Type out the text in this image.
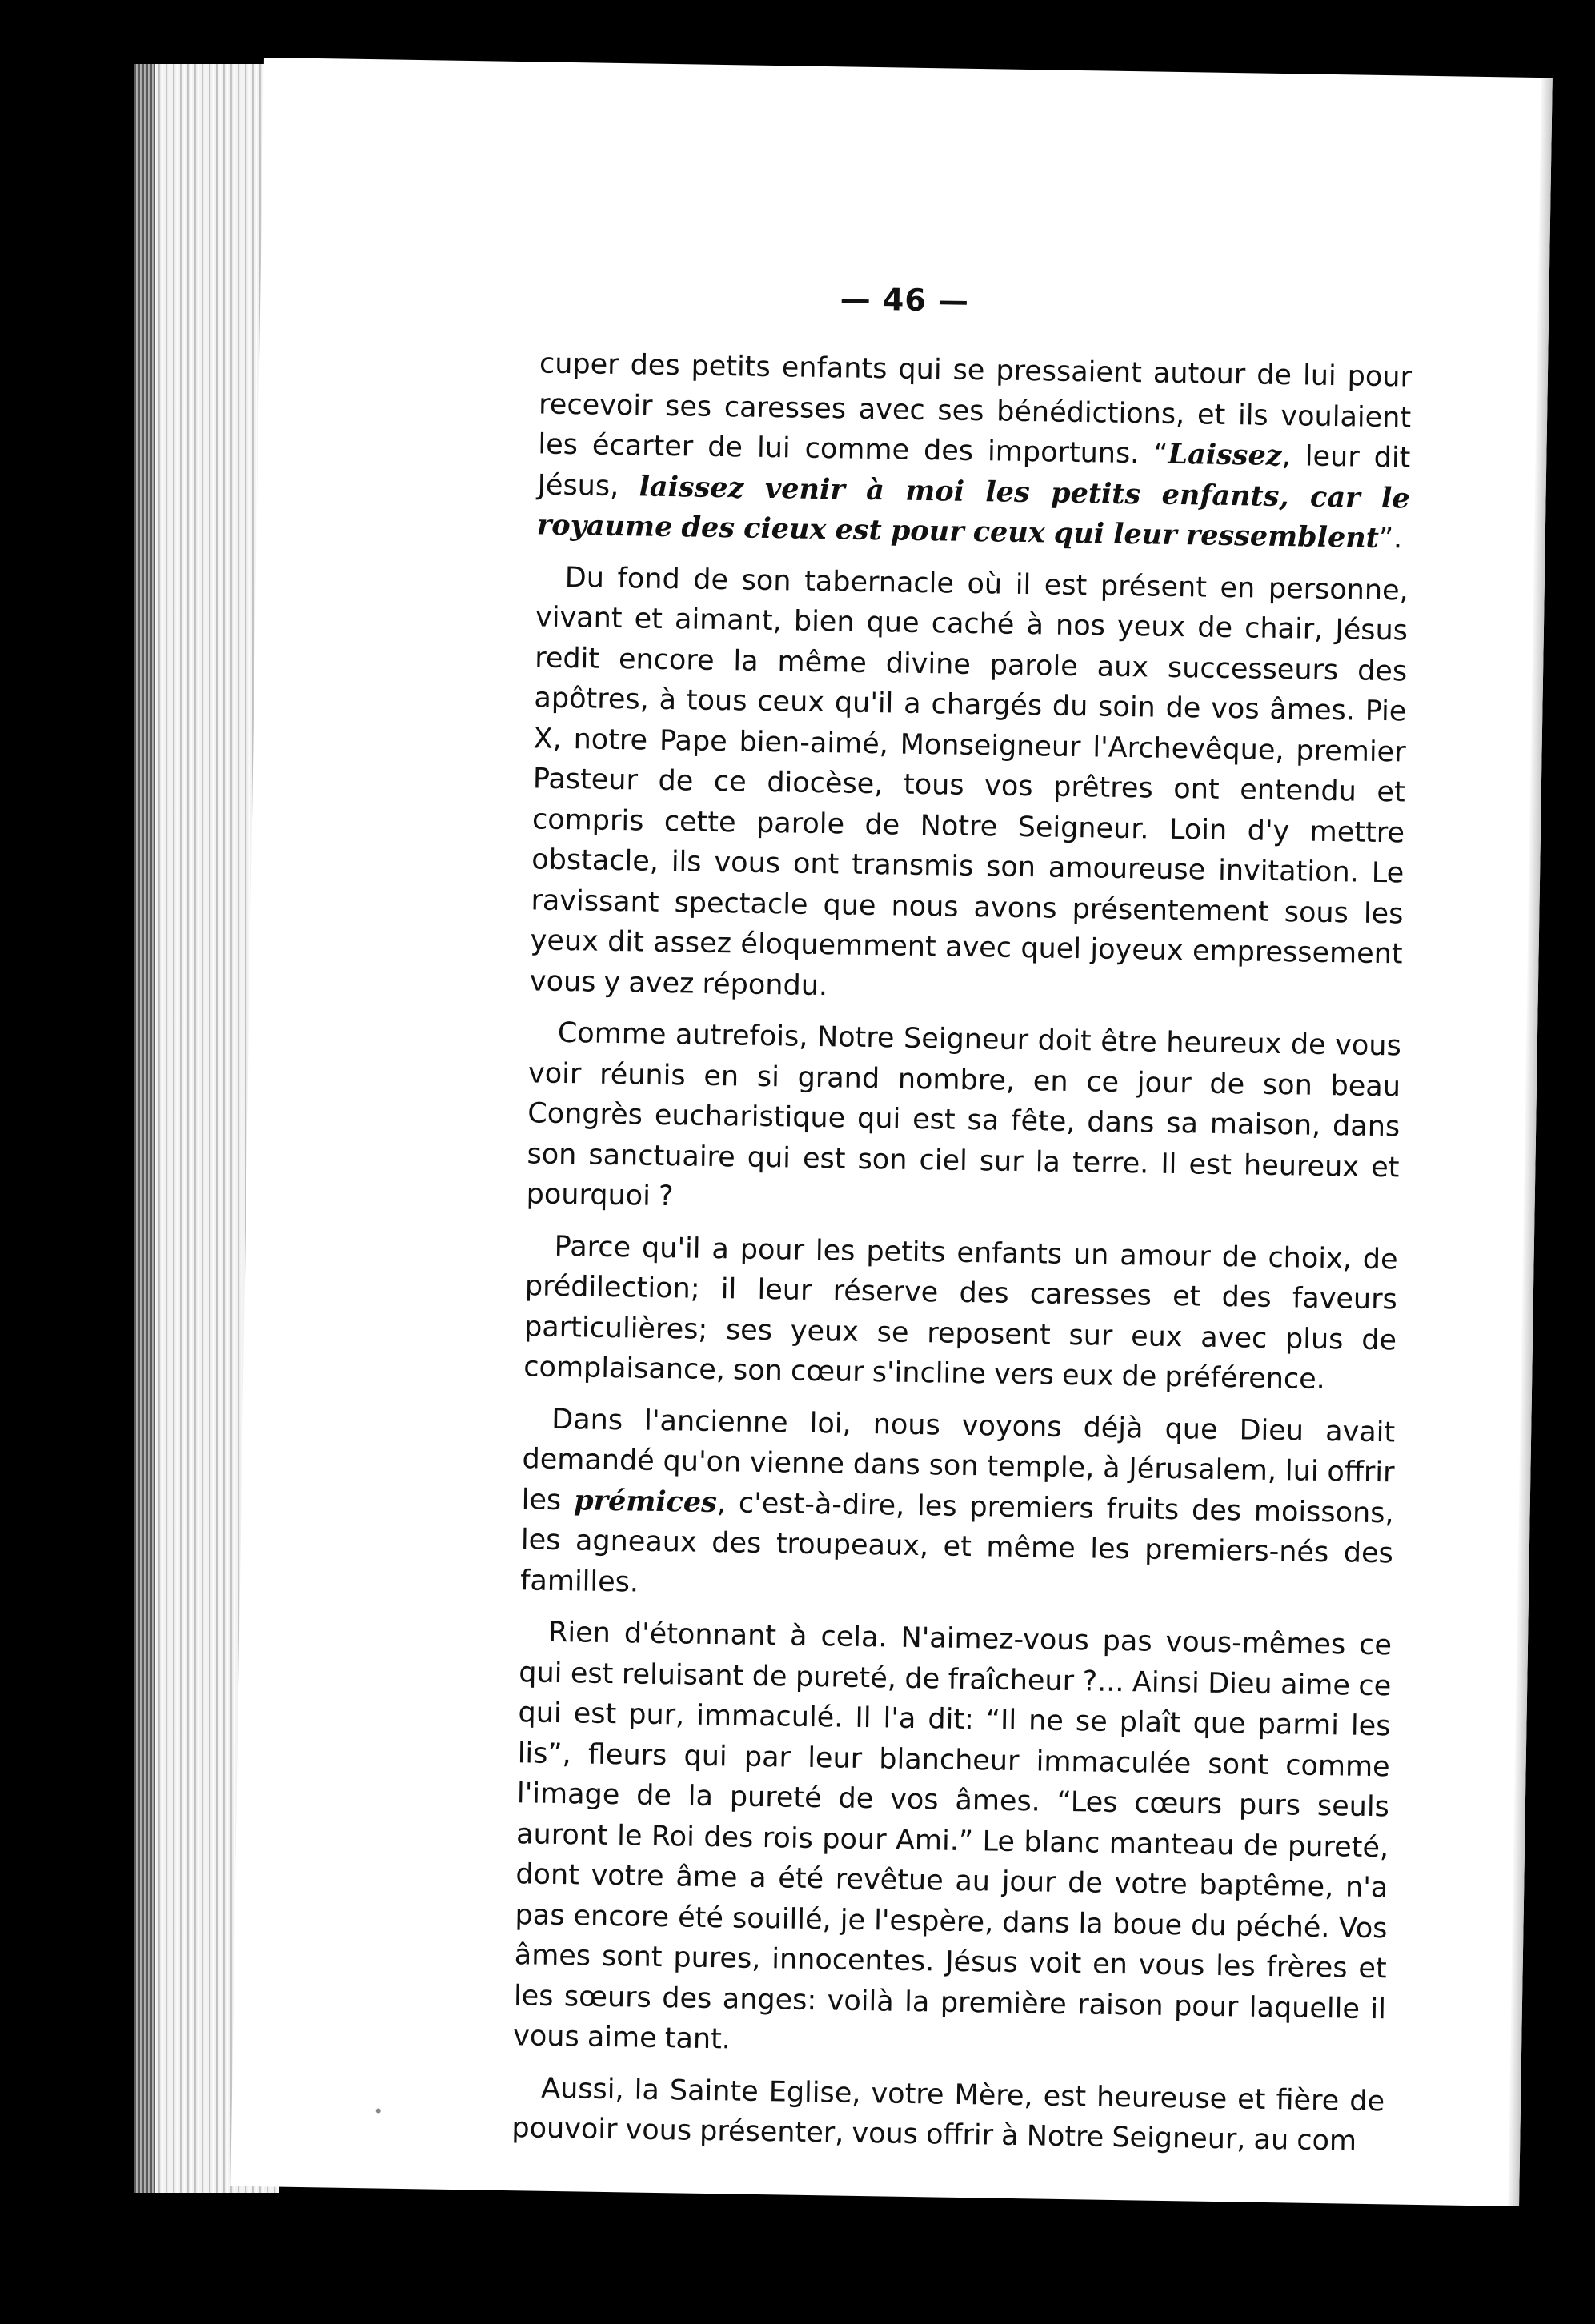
— 46 —

cuper des petits enfants qui se pressaient autour de lui pour recevoir ses caresses avec ses bénédictions, et ils voulaient les écarter de lui comme des importuns. “Laissez, leur dit Jésus, laissez venir à moi les petits enfants, car le royaume des cieux est pour ceux qui leur ressemblent”.

Du fond de son tabernacle où il est présent en personne, vivant et aimant, bien que caché à nos yeux de chair, Jésus redit encore la même divine parole aux successeurs des apôtres, à tous ceux qu'il a chargés du soin de vos âmes. Pie X, notre Pape bien-aimé, Monseigneur l'Archevêque, premier Pasteur de ce diocèse, tous vos prêtres ont entendu et compris cette parole de Notre Seigneur. Loin d'y mettre obstacle, ils vous ont transmis son amoureuse invitation. Le ravissant spectacle que nous avons présentement sous les yeux dit assez éloquemment avec quel joyeux empressement vous y avez répondu.

Comme autrefois, Notre Seigneur doit être heureux de vous voir réunis en si grand nombre, en ce jour de son beau Congrès eucharistique qui est sa fête, dans sa maison, dans son sanctuaire qui est son ciel sur la terre. Il est heureux et pourquoi ?

Parce qu'il a pour les petits enfants un amour de choix, de prédilection; il leur réserve des caresses et des faveurs particulières; ses yeux se reposent sur eux avec plus de complaisance, son cœur s'incline vers eux de préférence.

Dans l'ancienne loi, nous voyons déjà que Dieu avait demandé qu'on vienne dans son temple, à Jérusalem, lui offrir les prémices, c'est-à-dire, les premiers fruits des moissons, les agneaux des troupeaux, et même les premiers-nés des familles.

Rien d'étonnant à cela. N'aimez-vous pas vous-mêmes ce qui est reluisant de pureté, de fraîcheur ?... Ainsi Dieu aime ce qui est pur, immaculé. Il l'a dit: “Il ne se plaît que parmi les lis”, fleurs qui par leur blancheur immaculée sont comme l'image de la pureté de vos âmes. “Les cœurs purs seuls auront le Roi des rois pour Ami.” Le blanc manteau de pureté, dont votre âme a été revêtue au jour de votre baptême, n'a pas encore été souillé, je l'espère, dans la boue du péché. Vos âmes sont pures, innocentes. Jésus voit en vous les frères et les sœurs des anges: voilà la première raison pour laquelle il vous aime tant.

Aussi, la Sainte Eglise, votre Mère, est heureuse et fière de pouvoir vous présenter, vous offrir à Notre Seigneur, au com
